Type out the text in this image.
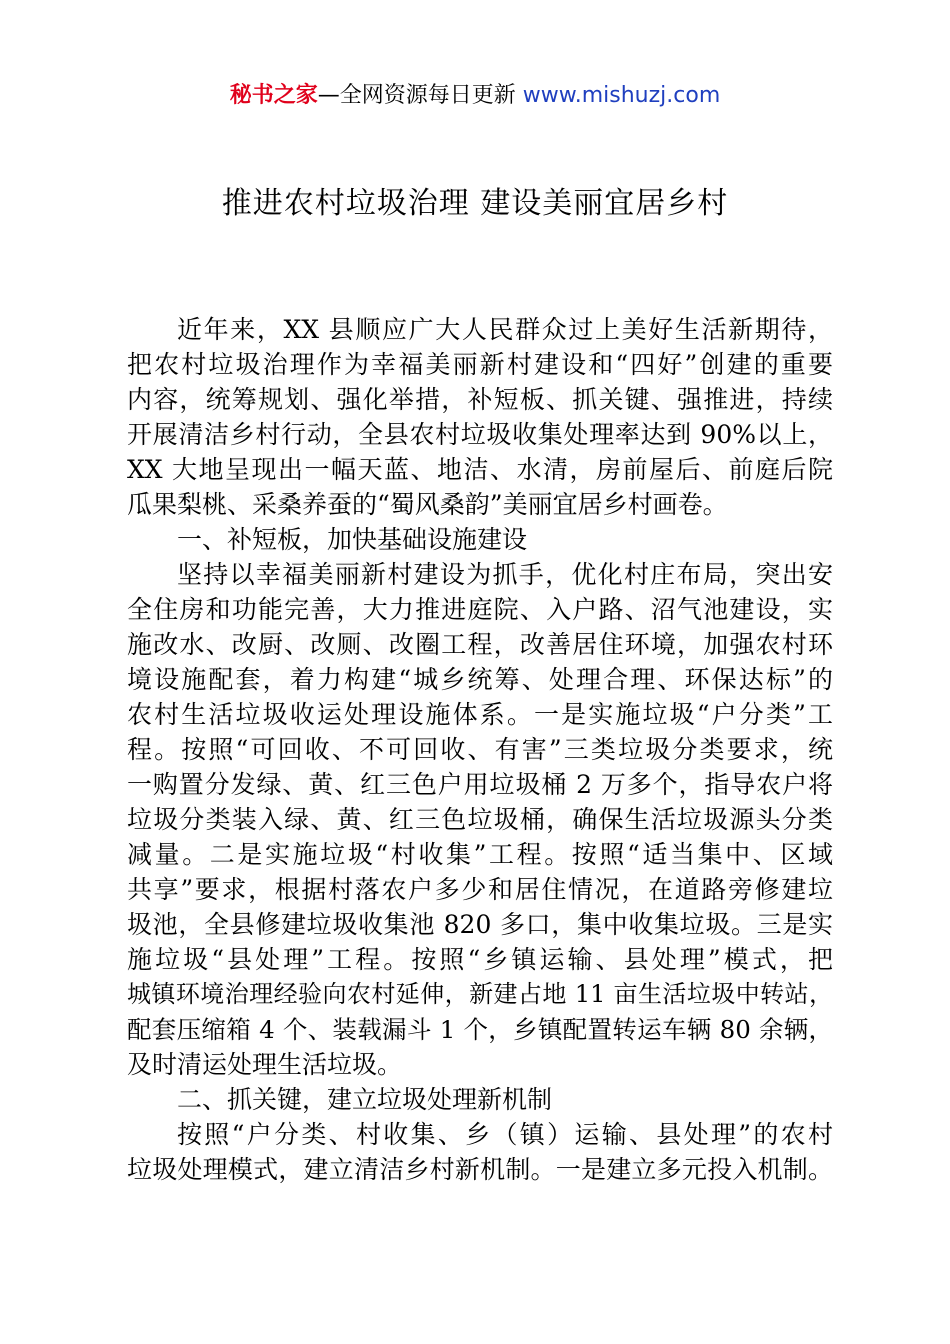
秘书之家—全网资源每日更新 www.mishuzj.com
推进农村垃圾治理 建设美丽宜居乡村
近年来，XX 县顺应广大人民群众过上美好生活新期待，
把农村垃圾治理作为幸福美丽新村建设和“四好”创建的重要
内容，统筹规划、强化举措，补短板、抓关键、强推进，持续
开展清洁乡村行动，全县农村垃圾收集处理率达到 90%以上，
XX 大地呈现出一幅天蓝、地洁、水清，房前屋后、前庭后院
瓜果梨桃、采桑养蚕的“蜀风桑韵”美丽宜居乡村画卷。
一、补短板，加快基础设施建设
坚持以幸福美丽新村建设为抓手，优化村庄布局，突出安
全住房和功能完善，大力推进庭院、入户路、沼气池建设，实
施改水、改厨、改厕、改圈工程，改善居住环境，加强农村环
境设施配套，着力构建“城乡统筹、处理合理、环保达标”的
农村生活垃圾收运处理设施体系。一是实施垃圾“户分类”工
程。按照“可回收、不可回收、有害”三类垃圾分类要求，统
一购置分发绿、黄、红三色户用垃圾桶 2 万多个，指导农户将
垃圾分类装入绿、黄、红三色垃圾桶，确保生活垃圾源头分类
减量。二是实施垃圾“村收集”工程。按照“适当集中、区域
共享”要求，根据村落农户多少和居住情况，在道路旁修建垃
圾池，全县修建垃圾收集池 820 多口，集中收集垃圾。三是实
施垃圾“县处理”工程。按照“乡镇运输、县处理”模式，把
城镇环境治理经验向农村延伸，新建占地 11 亩生活垃圾中转站，
配套压缩箱 4 个、装载漏斗 1 个，乡镇配置转运车辆 80 余辆，
及时清运处理生活垃圾。
二、抓关键，建立垃圾处理新机制
按照“户分类、村收集、乡（镇）运输、县处理”的农村
垃圾处理模式，建立清洁乡村新机制。一是建立多元投入机制。
